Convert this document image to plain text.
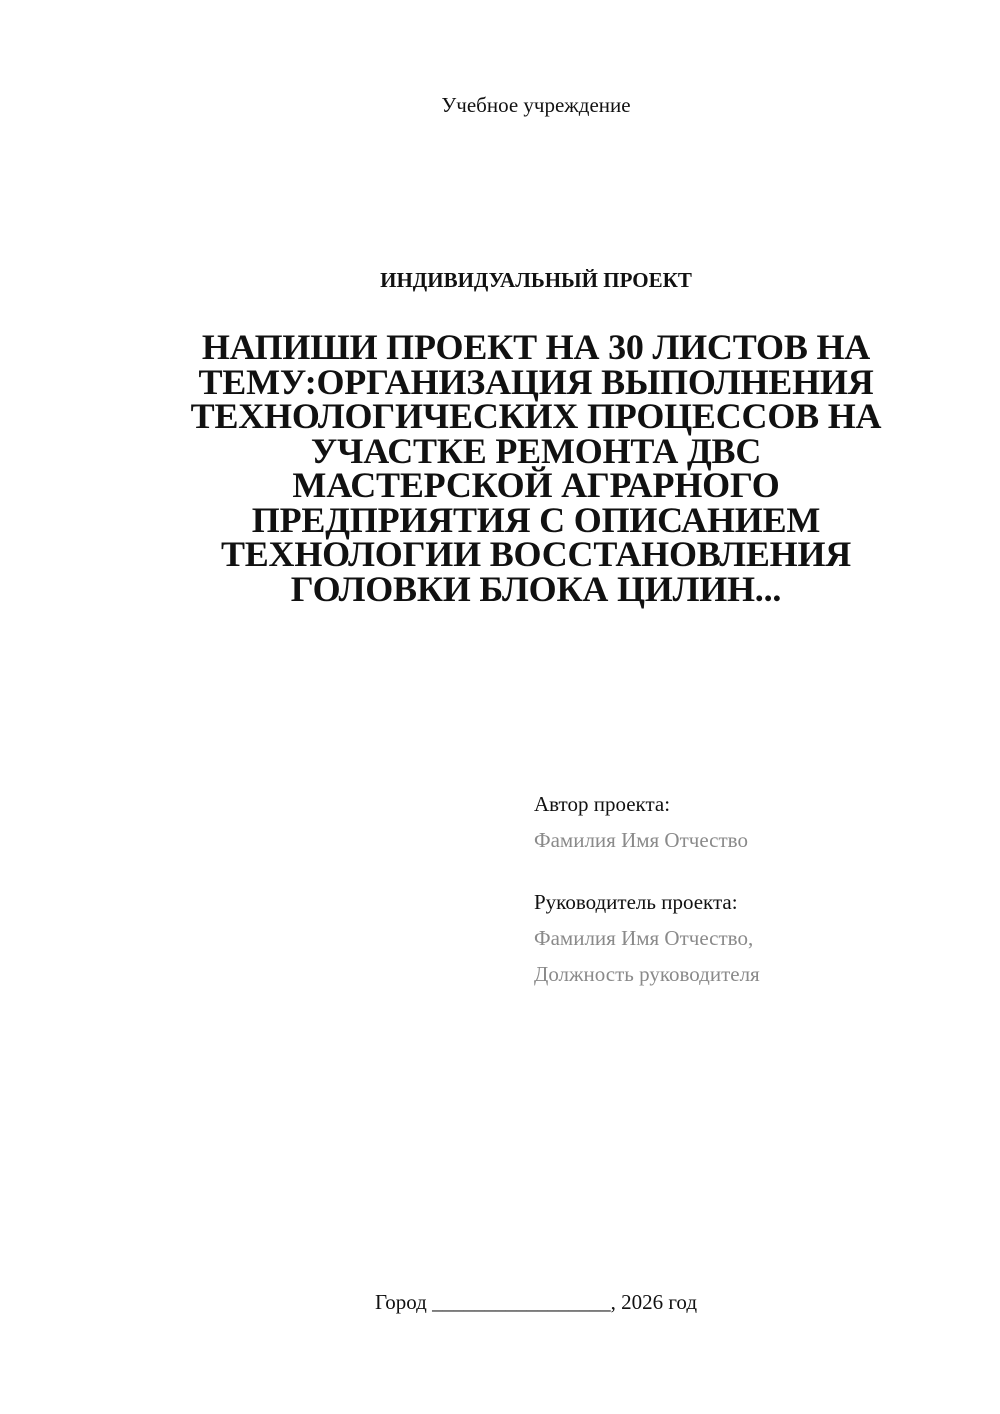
Учебное учреждение
ИНДИВИДУАЛЬНЫЙ ПРОЕКТ
НАПИШИ ПРОЕКТ НА 30 ЛИСТОВ НА
ТЕМУ:ОРГАНИЗАЦИЯ ВЫПОЛНЕНИЯ
ТЕХНОЛОГИЧЕСКИХ ПРОЦЕССОВ НА
УЧАСТКЕ РЕМОНТА ДВС
МАСТЕРСКОЙ АГРАРНОГО
ПРЕДПРИЯТИЯ С ОПИСАНИЕМ
ТЕХНОЛОГИИ ВОССТАНОВЛЕНИЯ
ГОЛОВКИ БЛОКА ЦИЛИН...
Автор проекта:
Фамилия Имя Отчество
Руководитель проекта:
Фамилия Имя Отчество,
Должность руководителя
Город _________________, 2026 год
